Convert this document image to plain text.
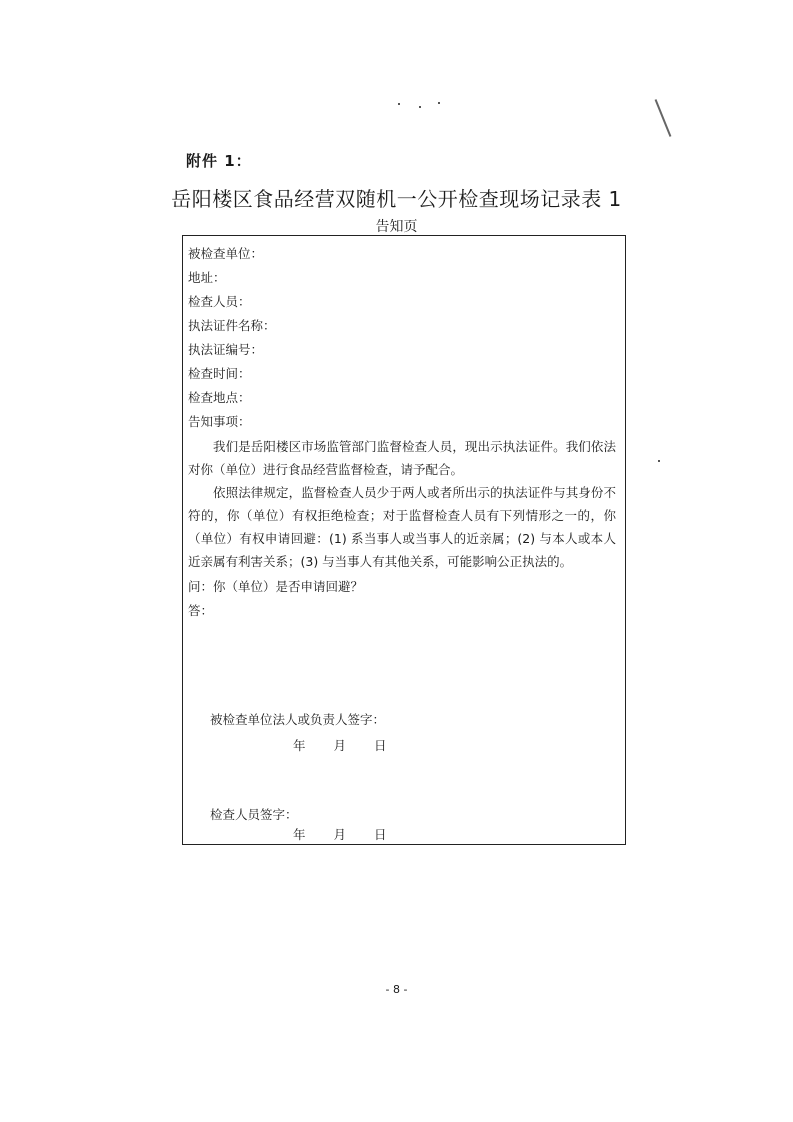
附件 1：
岳阳楼区食品经营双随机一公开检查现场记录表 1
告知页
被检查单位：
地址：
检查人员：
执法证件名称：
执法证编号：
检查时间：
检查地点：
告知事项：
我们是岳阳楼区市场监管部门监督检查人员，现出示执法证件。我们依法对你（单位）进行食品经营监督检查，请予配合。
依照法律规定，监督检查人员少于两人或者所出示的执法证件与其身份不符的，你（单位）有权拒绝检查；对于监督检查人员有下列情形之一的，你（单位）有权申请回避：(1) 系当事人或当事人的近亲属；(2) 与本人或本人近亲属有利害关系；(3) 与当事人有其他关系，可能影响公正执法的。
问：你（单位）是否申请回避？
答：
被检查单位法人或负责人签字：
年 月 日
检查人员签字：
年 月 日
- 8 -
